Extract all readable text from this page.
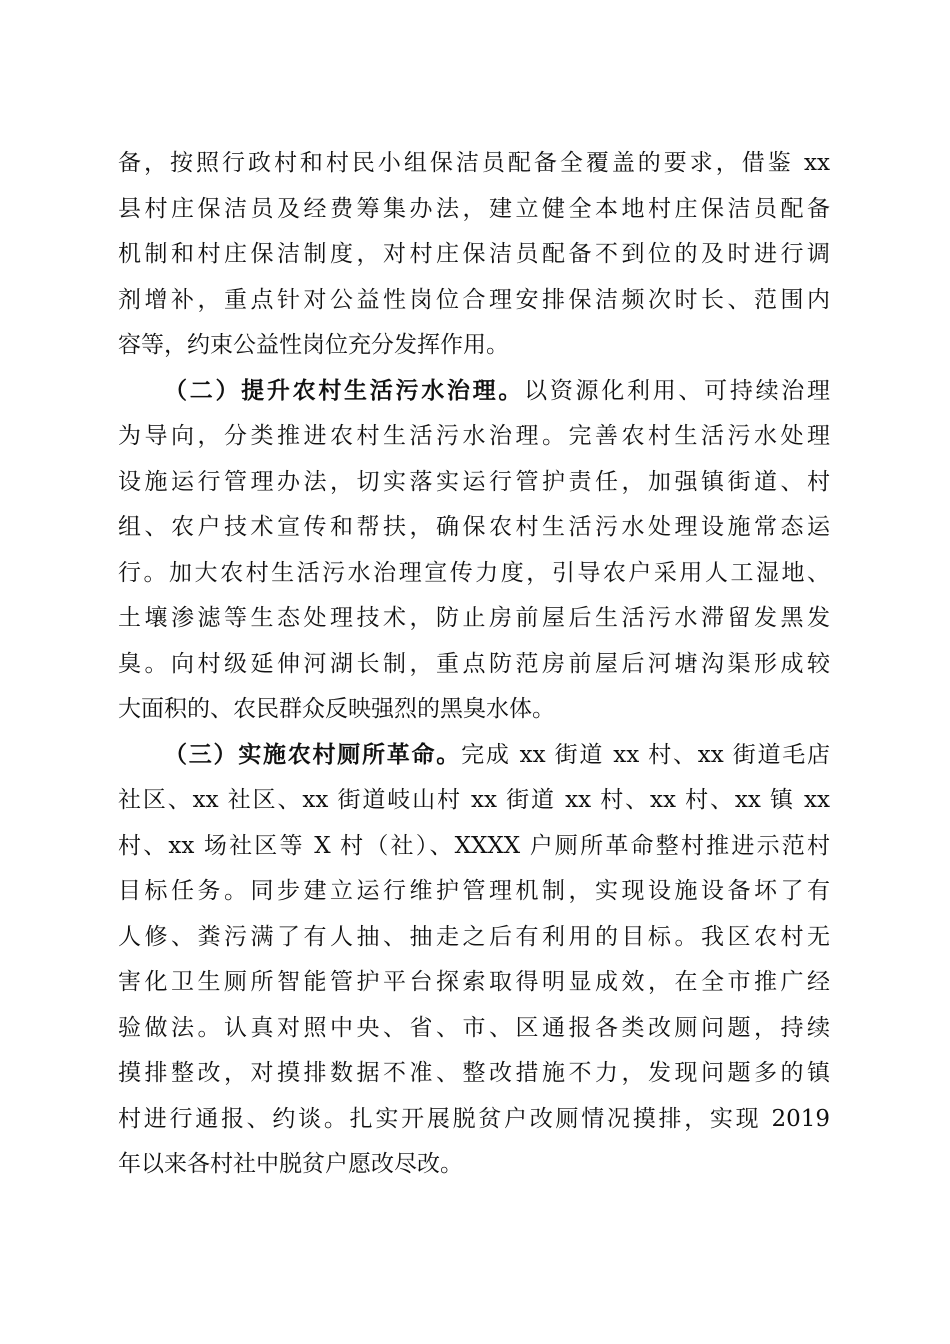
备，按照行政村和村民小组保洁员配备全覆盖的要求，借鉴 xx
县村庄保洁员及经费筹集办法，建立健全本地村庄保洁员配备
机制和村庄保洁制度，对村庄保洁员配备不到位的及时进行调
剂增补，重点针对公益性岗位合理安排保洁频次时长、范围内
容等，约束公益性岗位充分发挥作用。
（二）提升农村生活污水治理。以资源化利用、可持续治理
为导向，分类推进农村生活污水治理。完善农村生活污水处理
设施运行管理办法，切实落实运行管护责任，加强镇街道、村
组、农户技术宣传和帮扶，确保农村生活污水处理设施常态运
行。加大农村生活污水治理宣传力度，引导农户采用人工湿地、
土壤渗滤等生态处理技术，防止房前屋后生活污水滞留发黑发
臭。向村级延伸河湖长制，重点防范房前屋后河塘沟渠形成较
大面积的、农民群众反映强烈的黑臭水体。
（三）实施农村厕所革命。完成 xx 街道 xx 村、xx 街道毛店
社区、xx 社区、xx 街道岐山村 xx 街道 xx 村、xx 村、xx 镇 xx
村、xx 场社区等 X 村（社）、XXXX 户厕所革命整村推进示范村
目标任务。同步建立运行维护管理机制，实现设施设备坏了有
人修、粪污满了有人抽、抽走之后有利用的目标。我区农村无
害化卫生厕所智能管护平台探索取得明显成效，在全市推广经
验做法。认真对照中央、省、市、区通报各类改厕问题，持续
摸排整改，对摸排数据不准、整改措施不力，发现问题多的镇
村进行通报、约谈。扎实开展脱贫户改厕情况摸排，实现 2019
年以来各村社中脱贫户愿改尽改。
